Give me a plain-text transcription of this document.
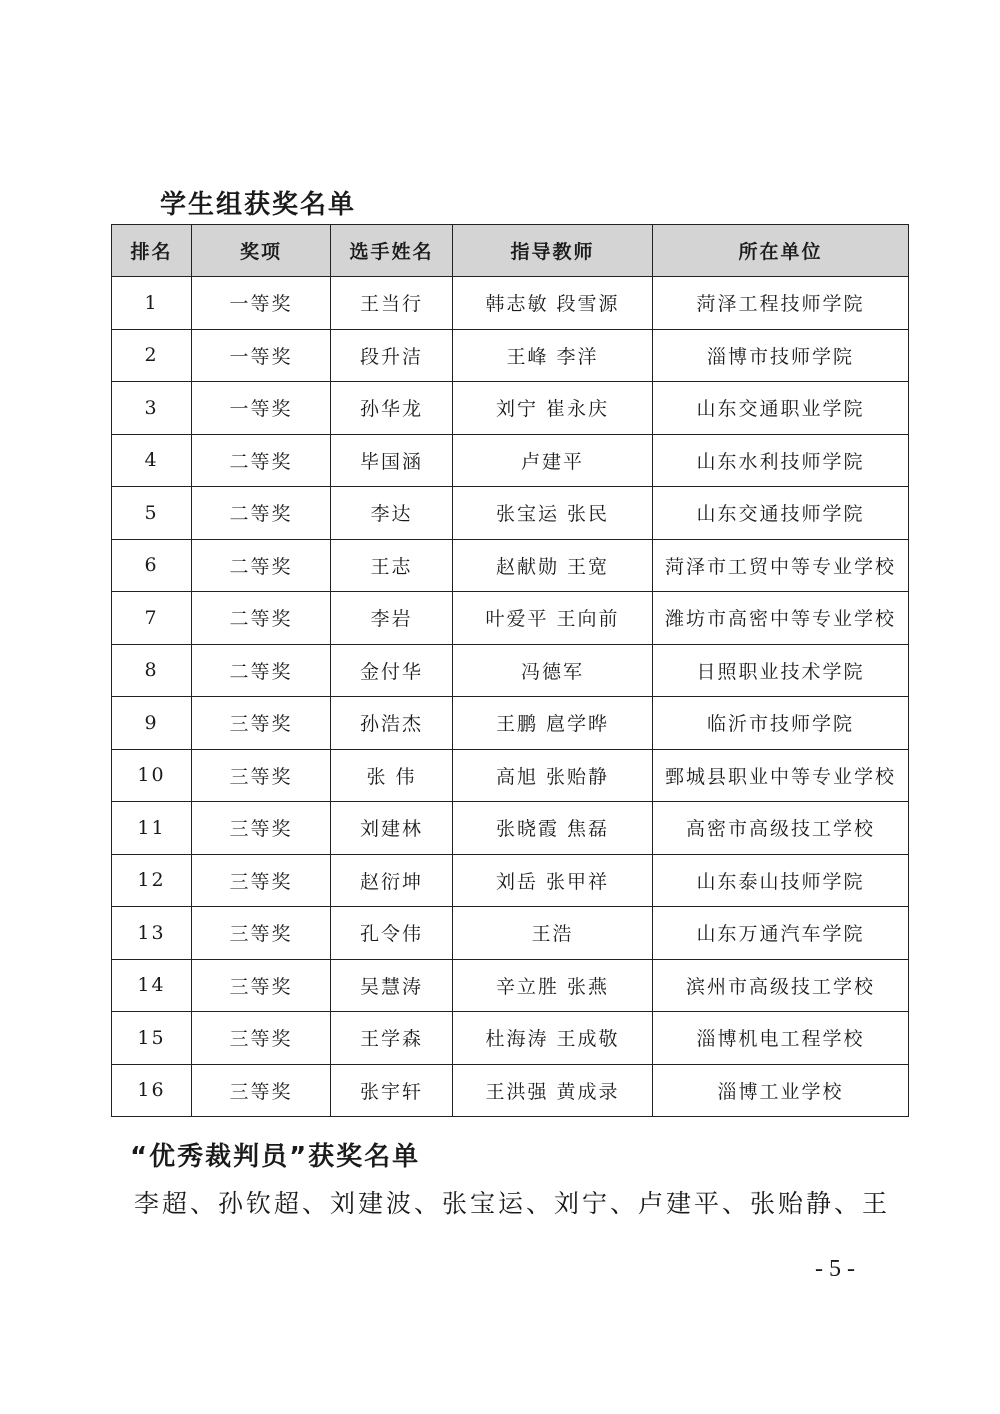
学生组获奖名单
排名	奖项	选手姓名	指导教师	所在单位
1	一等奖	王当行	韩志敏 段雪源	菏泽工程技师学院
2	一等奖	段升洁	王峰 李洋	淄博市技师学院
3	一等奖	孙华龙	刘宁 崔永庆	山东交通职业学院
4	二等奖	毕国涵	卢建平	山东水利技师学院
5	二等奖	李达	张宝运 张民	山东交通技师学院
6	二等奖	王志	赵献勋 王宽	菏泽市工贸中等专业学校
7	二等奖	李岩	叶爱平 王向前	潍坊市高密中等专业学校
8	二等奖	金付华	冯德军	日照职业技术学院
9	三等奖	孙浩杰	王鹏 扈学晔	临沂市技师学院
10	三等奖	张 伟	高旭 张贻静	鄄城县职业中等专业学校
11	三等奖	刘建林	张晓霞 焦磊	高密市高级技工学校
12	三等奖	赵衍坤	刘岳 张甲祥	山东泰山技师学院
13	三等奖	孔令伟	王浩	山东万通汽车学院
14	三等奖	吴慧涛	辛立胜 张燕	滨州市高级技工学校
15	三等奖	王学森	杜海涛 王成敬	淄博机电工程学校
16	三等奖	张宇轩	王洪强 黄成录	淄博工业学校
“优秀裁判员”获奖名单
李超、孙钦超、刘建波、张宝运、刘宁、卢建平、张贻静、王
- 5 -
